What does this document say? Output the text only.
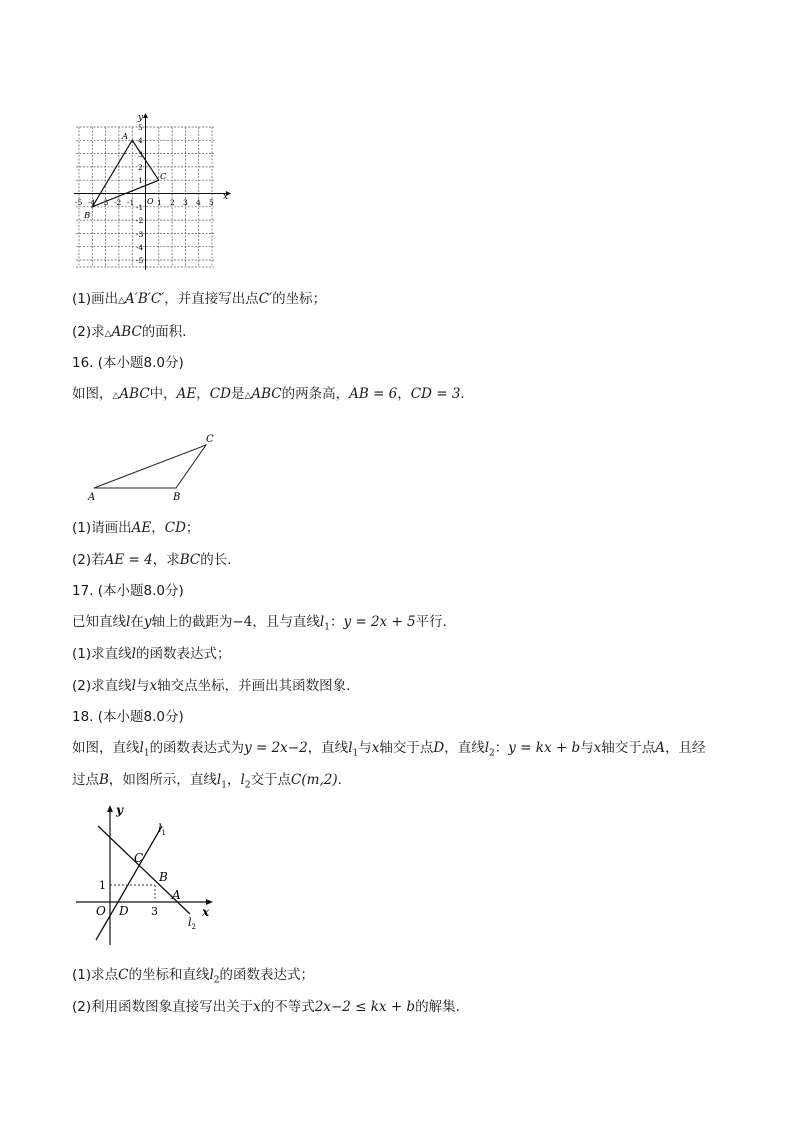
x
y
O
-5 -4 -3 -2 -1	1 2 3 4 5
5
4
3
2
1
-1
-2
-3
-4
-5
A
B
C
(1)画出△A′B′C′，并直接写出点C′的坐标；
(2)求△ABC的面积．
16. (本小题8.0分)
如图，△ABC中，AE，CD是△ABC的两条高，AB = 6，CD = 3．
A	B
C
(1)请画出AE，CD；
(2)若AE = 4，求BC的长．
17. (本小题8.0分)
已知直线l在y轴上的截距为−4，且与直线$l_1$：y = 2x + 5平行．
(1)求直线l的函数表达式；
(2)求直线l与x轴交点坐标，并画出其函数图象．
18. (本小题8.0分)
如图，直线$l_1$的函数表达式为y = 2x−2，直线$l_1$与x轴交于点D，直线$l_2$：y = kx + b与x轴交于点A，且经
过点B，如图所示，直线$l_1$，$l_2$交于点C(m,2)．
y
x
O D
C
B
A
1
3
$l_1$
$l_2$
(1)求点C的坐标和直线$l_2$的函数表达式；
(2)利用函数图象直接写出关于x的不等式2x−2 ≤ kx + b的解集．
